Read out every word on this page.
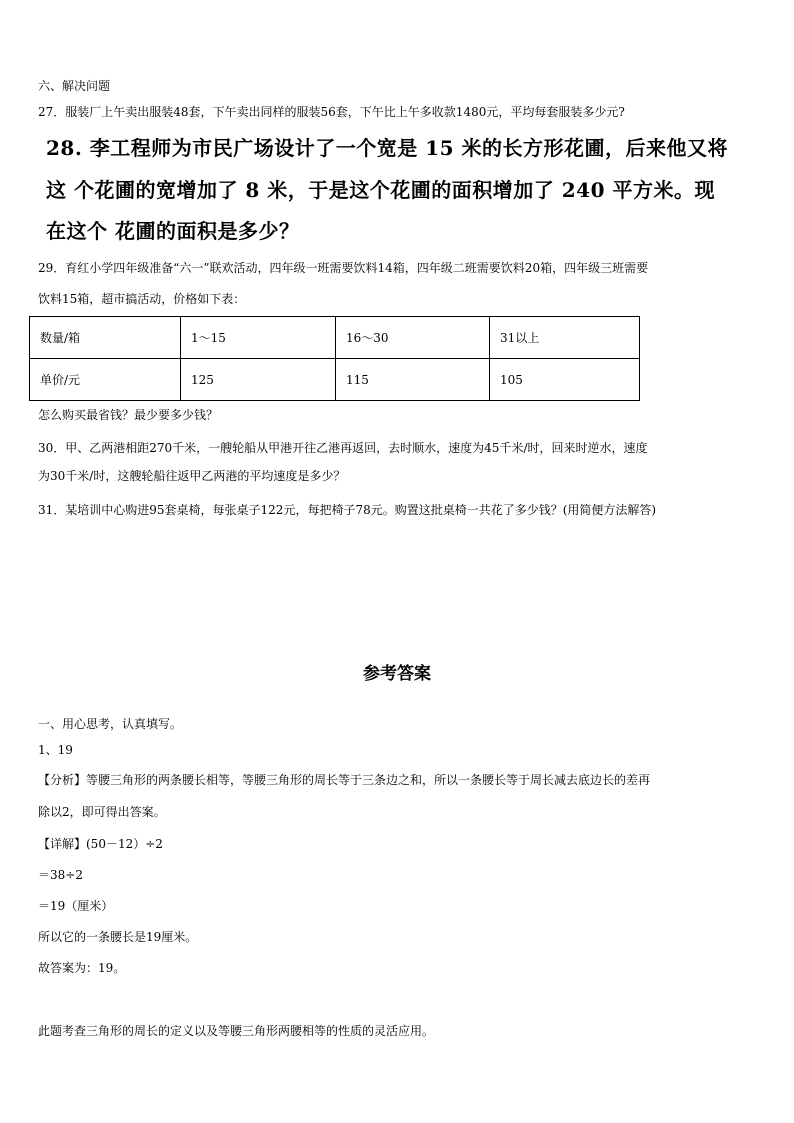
六、解决问题
27．服装厂上午卖出服装48套，下午卖出同样的服装56套，下午比上午多收款1480元，平均每套服装多少元?
28. 李工程师为市民广场设计了一个宽是 15 米的长方形花圃，后来他又将
这 个花圃的宽增加了 8 米，于是这个花圃的面积增加了 240 平方米。现
在这个 花圃的面积是多少？
29．育红小学四年级准备“六一”联欢活动，四年级一班需要饮料14箱，四年级二班需要饮料20箱，四年级三班需要
饮料15箱，超市搞活动，价格如下表：
数量/箱	1～15	16～30	31以上
单价/元	125	115	105
怎么购买最省钱？最少要多少钱？
30．甲、乙两港相距270千米，一艘轮船从甲港开往乙港再返回，去时顺水，速度为45千米/时，回来时逆水，速度
为30千米/时，这艘轮船往返甲乙两港的平均速度是多少？
31．某培训中心购进95套桌椅，每张桌子122元，每把椅子78元。购置这批桌椅一共花了多少钱？(用简便方法解答)
参考答案
一、用心思考，认真填写。
1、19
【分析】等腰三角形的两条腰长相等，等腰三角形的周长等于三条边之和，所以一条腰长等于周长减去底边长的差再
除以2，即可得出答案。
【详解】(50－12）÷2
＝38÷2
＝19（厘米）
所以它的一条腰长是19厘米。
故答案为：19。
此题考查三角形的周长的定义以及等腰三角形两腰相等的性质的灵活应用。
